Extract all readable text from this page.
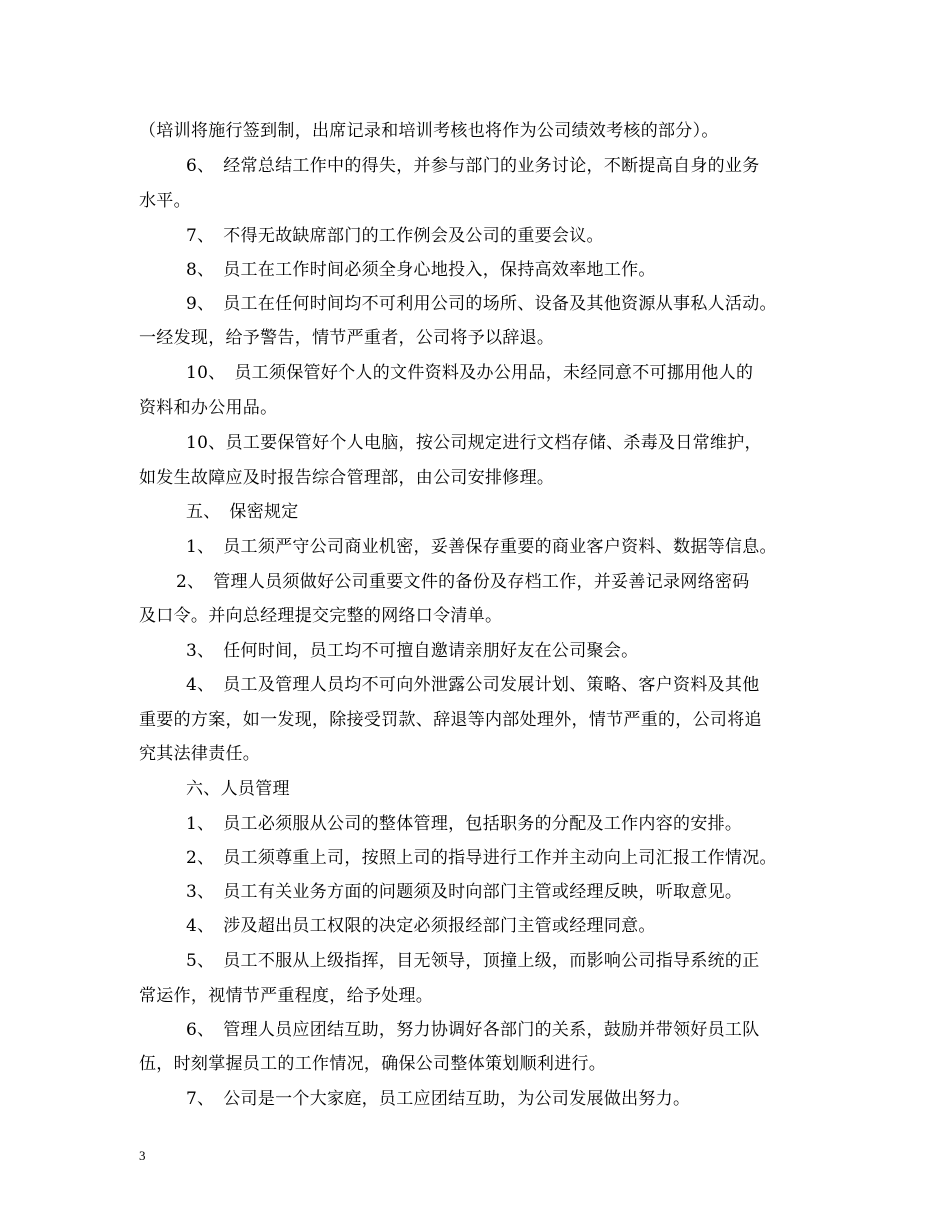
（培训将施行签到制，出席记录和培训考核也将作为公司绩效考核的部分）。
6、　经常总结工作中的得失，并参与部门的业务讨论，不断提高自身的业务
水平。
7、　不得无故缺席部门的工作例会及公司的重要会议。
8、　员工在工作时间必须全身心地投入，保持高效率地工作。
9、　员工在任何时间均不可利用公司的场所、设备及其他资源从事私人活动。
一经发现，给予警告，情节严重者，公司将予以辞退。
10、　员工须保管好个人的文件资料及办公用品，未经同意不可挪用他人的
资料和办公用品。
10、员工要保管好个人电脑，按公司规定进行文档存储、杀毒及日常维护，
如发生故障应及时报告综合管理部，由公司安排修理。
五、　保密规定
1、　员工须严守公司商业机密，妥善保存重要的商业客户资料、数据等信息。
2、　管理人员须做好公司重要文件的备份及存档工作，并妥善记录网络密码
及口令。并向总经理提交完整的网络口令清单。
3、　任何时间，员工均不可擅自邀请亲朋好友在公司聚会。
4、　员工及管理人员均不可向外泄露公司发展计划、策略、客户资料及其他
重要的方案，如一发现，除接受罚款、辞退等内部处理外，情节严重的，公司将追
究其法律责任。
六、人员管理
1、　员工必须服从公司的整体管理，包括职务的分配及工作内容的安排。
2、　员工须尊重上司，按照上司的指导进行工作并主动向上司汇报工作情况。
3、　员工有关业务方面的问题须及时向部门主管或经理反映，听取意见。
4、　涉及超出员工权限的决定必须报经部门主管或经理同意。
5、　员工不服从上级指挥，目无领导，顶撞上级，而影响公司指导系统的正
常运作，视情节严重程度，给予处理。
6、　管理人员应团结互助，努力协调好各部门的关系，鼓励并带领好员工队
伍，时刻掌握员工的工作情况，确保公司整体策划顺利进行。
7、　公司是一个大家庭，员工应团结互助，为公司发展做出努力。
3
